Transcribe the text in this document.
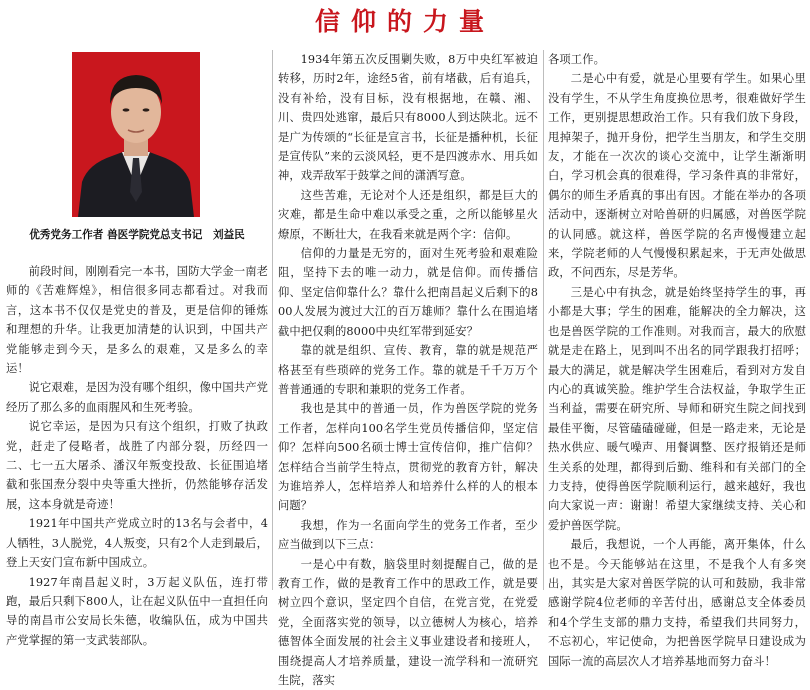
信仰的力量
优秀党务工作者 兽医学院党总支书记　刘益民

前段时间，刚刚看完一本书，国防大学金一南老师的《苦难辉煌》，相信很多同志都看过。对我而言，这本书不仅仅是党史的普及，更是信仰的锤炼和理想的升华。让我更加清楚的认识到，中国共产党能够走到今天，是多么的艰难，又是多么的幸运！

说它艰难，是因为没有哪个组织，像中国共产党经历了那么多的血雨腥风和生死考验。

说它幸运，是因为只有这个组织，打败了执政党，赶走了侵略者，战胜了内部分裂，历经四一二、七一五大屠杀、潘汉年叛变投敌、长征围追堵截和张国焘分裂中央等重大挫折，仍然能够存活发展，这本身就是奇迹！

1921年中国共产党成立时的13名与会者中，4人牺牲，3人脱党，4人叛变，只有2个人走到最后，登上天安门宣布新中国成立。

1927年南昌起义时，3万起义队伍，连打带跑，最后只剩下800人，让在起义队伍中一直担任向导的南昌市公安局长朱德，收编队伍，成为中国共产党掌握的第一支武装部队。

1934年第五次反围剿失败，8万中央红军被迫转移，历时2年，途经5省，前有堵截，后有追兵，没有补给，没有目标，没有根据地，在赣、湘、川、贵四处逃窜，最后只有8000人到达陕北。远不是广为传颂的“长征是宣言书，长征是播种机，长征是宣传队”来的云淡风轻，更不是四渡赤水、用兵如神，戏弄敌军于鼓掌之间的潇洒写意。

这些苦难，无论对个人还是组织，都是巨大的灾难，都是生命中难以承受之重，之所以能够星火燎原，不断壮大，在我看来就是两个字：信仰。

信仰的力量是无穷的，面对生死考验和艰难险阻，坚持下去的唯一动力，就是信仰。而传播信仰、坚定信仰靠什么？靠什么把南昌起义后剩下的800人发展为渡过大江的百万雄师？靠什么在围追堵截中把仅剩的8000中央红军带到延安？

靠的就是组织、宣传、教育，靠的就是规范严格甚至有些琐碎的党务工作。靠的就是千千万万个普普通通的专职和兼职的党务工作者。

我也是其中的普通一员，作为兽医学院的党务工作者，怎样向100名学生党员传播信仰，坚定信仰？怎样向500名硕士博士宣传信仰，推广信仰？怎样结合当前学生特点，贯彻党的教育方针，解决为谁培养人，怎样培养人和培养什么样的人的根本问题？

我想，作为一名面向学生的党务工作者，至少应当做到以下三点：

一是心中有数，脑袋里时刻提醒自己，做的是教育工作，做的是教育工作中的思政工作，就是要树立四个意识，坚定四个自信，在党言党，在党爱党，全面落实党的领导，以立德树人为核心，培养德智体全面发展的社会主义事业建设者和接班人，围绕提高人才培养质量，建设一流学科和一流研究生院，落实

各项工作。

二是心中有爱，就是心里要有学生。如果心里没有学生，不从学生角度换位思考，很难做好学生工作，更别提思想政治工作。只有我们放下身段，甩掉架子，抛开身份，把学生当朋友，和学生交朋友，才能在一次次的谈心交流中，让学生渐渐明白，学习机会真的很难得，学习条件真的非常好，偶尔的师生矛盾真的事出有因。才能在举办的各项活动中，逐渐树立对哈兽研的归属感，对兽医学院的认同感。就这样，兽医学院的名声慢慢建立起来，学院老师的人气慢慢积累起来，于无声处做思政，不问西东，尽是芳华。

三是心中有执念，就是始终坚持学生的事，再小都是大事；学生的困难，能解决的全力解决，这也是兽医学院的工作准则。对我而言，最大的欣慰就是走在路上，见到叫不出名的同学跟我打招呼；最大的满足，就是解决学生困难后，看到对方发自内心的真诚笑脸。维护学生合法权益，争取学生正当利益，需要在研究所、导师和研究生院之间找到最佳平衡，尽管磕磕碰碰，但是一路走来，无论是热水供应、暖气噪声、用餐调整、医疗报销还是师生关系的处理，都得到后勤、维科和有关部门的全力支持，使得兽医学院顺利运行，越来越好，我也向大家说一声：谢谢！希望大家继续支持、关心和爱护兽医学院。

最后，我想说，一个人再能，离开集体，什么也不是。今天能够站在这里，不是我个人有多突出，其实是大家对兽医学院的认可和鼓励，我非常感谢学院4位老师的辛苦付出，感谢总支全体委员和4个学生支部的鼎力支持，希望我们共同努力，不忘初心，牢记使命，为把兽医学院早日建设成为国际一流的高层次人才培养基地而努力奋斗！
